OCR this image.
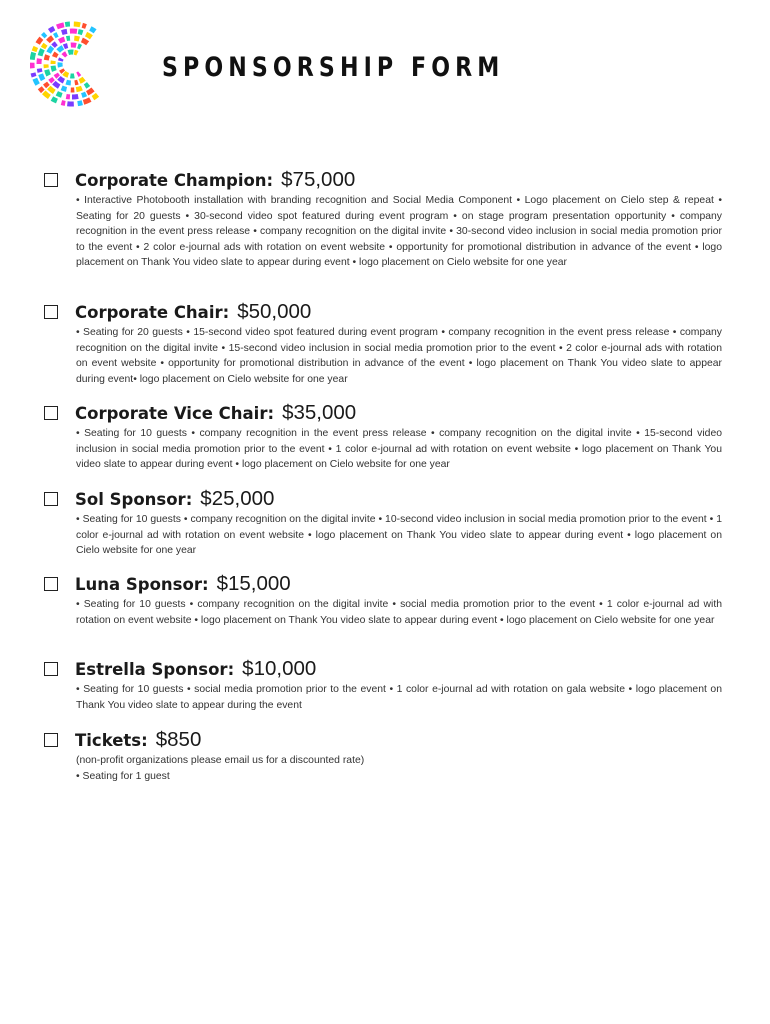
SPONSORSHIP FORM
Corporate Champion: $75,000
• Interactive Photobooth installation with branding recognition and Social Media Component • Logo placement on Cielo step & repeat • Seating for 20 guests • 30-second video spot featured during event program • on stage program presentation opportunity • company recognition in the event press release • company recognition on the digital invite • 30-second video inclusion in social media promotion prior to the event • 2 color e-journal ads with rotation on event website • opportunity for promotional distribution in advance of the event • logo placement on Thank You video slate to appear during event • logo placement on Cielo website for one year
Corporate Chair: $50,000
• Seating for 20 guests • 15-second video spot featured during event program • company recognition in the event press release • company recognition on the digital invite • 15-second video inclusion in social media promotion prior to the event • 2 color e-journal ads with rotation on event website • opportunity for promotional distribution in advance of the event • logo placement on Thank You video slate to appear during event• logo placement on Cielo website for one year
Corporate Vice Chair: $35,000
• Seating for 10 guests • company recognition in the event press release • company recognition on the digital invite • 15-second video inclusion in social media promotion prior to the event • 1 color e-journal ad with rotation on event website • logo placement on Thank You video slate to appear during event • logo placement on Cielo website for one year
Sol Sponsor: $25,000
• Seating for 10 guests • company recognition on the digital invite • 10-second video inclusion in social media promotion prior to the event • 1 color e-journal ad with rotation on event website • logo placement on Thank You video slate to appear during event • logo placement on Cielo website for one year
Luna Sponsor: $15,000
• Seating for 10 guests • company recognition on the digital invite • social media promotion prior to the event • 1 color e-journal ad with rotation on event website • logo placement on Thank You video slate to appear during event • logo placement on Cielo website for one year
Estrella Sponsor: $10,000
• Seating for 10 guests • social media promotion prior to the event • 1 color e-journal ad with rotation on gala website • logo placement on Thank You video slate to appear during the event
Tickets: $850

(non-profit organizations please email us for a discounted rate)

• Seating for 1 guest
